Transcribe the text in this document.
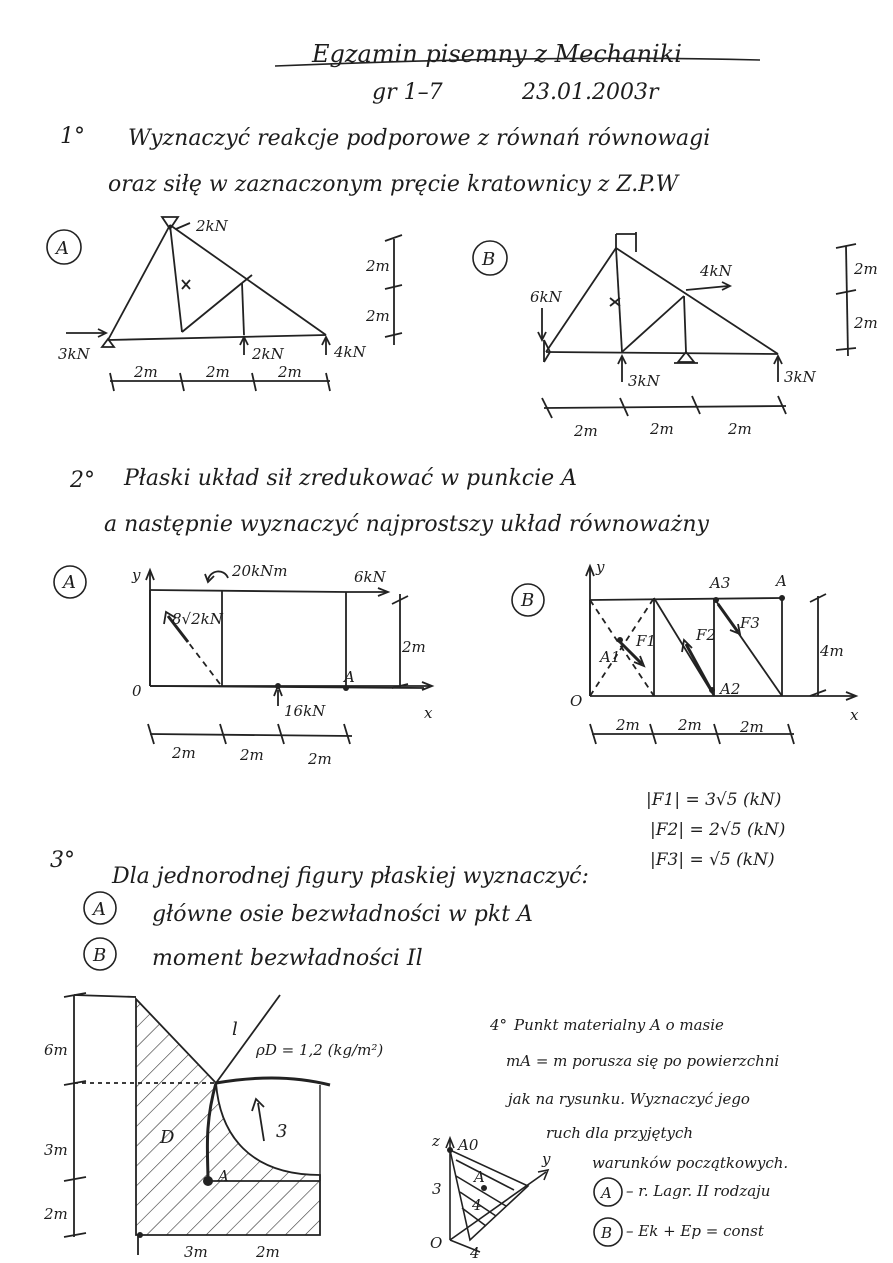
Egzamin pisemny z Mechaniki
gr 1–7	23.01.2003r
1° Wyznaczyć reakcje podporowe z równań równowagi
oraz siłę w zaznaczonym pręcie kratownicy z Z.P.W
A
2kN
3kN	2kN	4kN
2m	2m	2m
2m
2m
B
6kN
4kN
3kN	3kN
2m	2m	2m
2m
2m
2° Płaski układ sił zredukować w punkcie A
a następnie wyznaczyć najprostszy układ równoważny
A	y
x
0
A
20kNm	6kN
8√2kN
16kN
2m
2m	2m	2m
B
y
x
O
A
A3
A1
A2
F1	F2
F3
4m
2m	2m	2m
|F1| = 3√5 (kN)
|F2| = 2√5 (kN)
|F3| = √5 (kN)
3°
Dla jednorodnej figury płaskiej wyznaczyć:
A
B
główne osie bezwładności w pkt A
moment bezwładności Il
6m
3m
2m
3m	2m
l
ρD = 1,2 (kg/m²)
3
A
D
Punkt materialny A o masie
mA = m porusza się po powierzchni
jak na rysunku. Wyznaczyć jego
ruch dla przyjętych
warunków początkowych.
z
y
O
A0
A
3
4
4
A
B
– r. Lagr. II rodzaju
– Ek + Ep = const
4°
